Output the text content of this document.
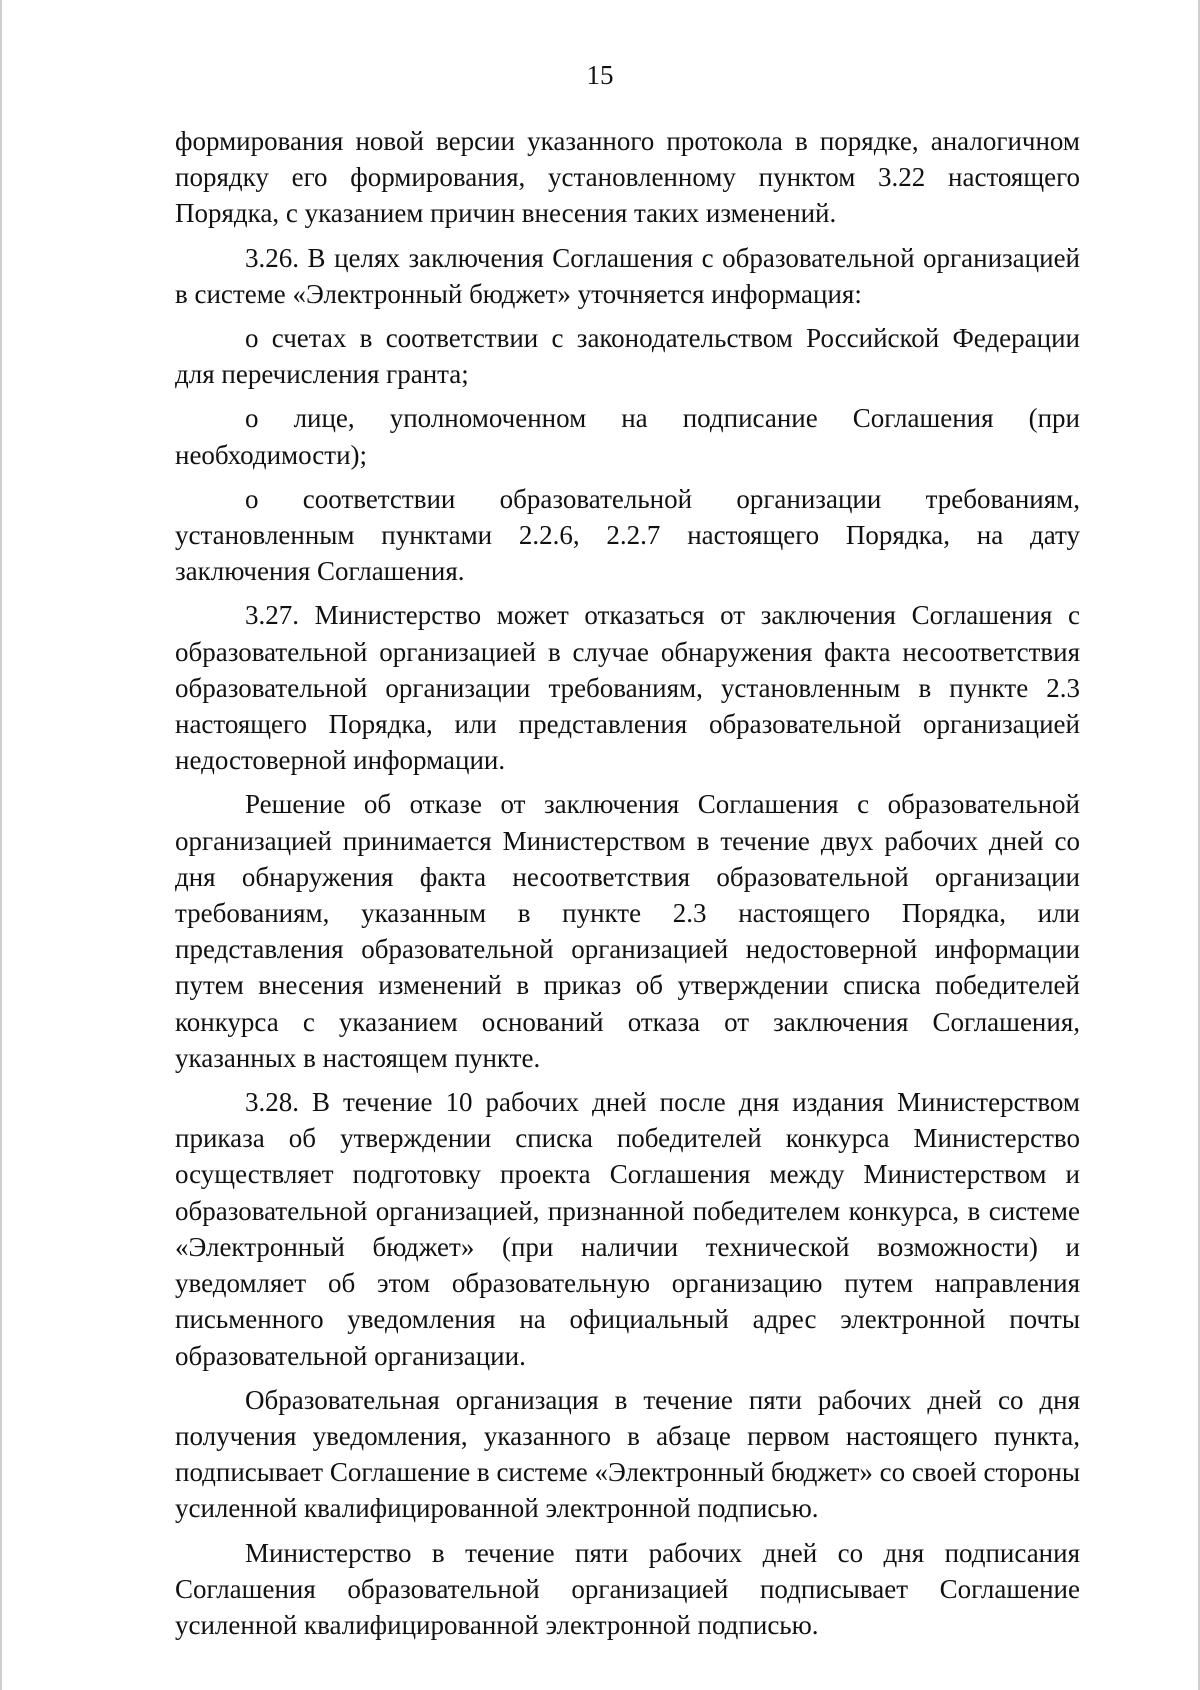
15

формирования новой версии указанного протокола в порядке, аналогичном порядку его формирования, установленному пунктом 3.22 настоящего Порядка, с указанием причин внесения таких изменений.

3.26. В целях заключения Соглашения с образовательной организацией в системе «Электронный бюджет» уточняется информация:

о счетах в соответствии с законодательством Российской Федерации для перечисления гранта;

о лице, уполномоченном на подписание Соглашения (при необходимости);

о соответствии образовательной организации требованиям, установленным пунктами 2.2.6, 2.2.7 настоящего Порядка, на дату заключения Соглашения.

3.27. Министерство может отказаться от заключения Соглашения с образовательной организацией в случае обнаружения факта несоответствия образовательной организации требованиям, установленным в пункте 2.3 настоящего Порядка, или представления образовательной организацией недостоверной информации.

Решение об отказе от заключения Соглашения с образовательной организацией принимается Министерством в течение двух рабочих дней со дня обнаружения факта несоответствия образовательной организации требованиям, указанным в пункте 2.3 настоящего Порядка, или представления образовательной организацией недостоверной информации путем внесения изменений в приказ об утверждении списка победителей конкурса с указанием оснований отказа от заключения Соглашения, указанных в настоящем пункте.

3.28. В течение 10 рабочих дней после дня издания Министерством приказа об утверждении списка победителей конкурса Министерство осуществляет подготовку проекта Соглашения между Министерством и образовательной организацией, признанной победителем конкурса, в системе «Электронный бюджет» (при наличии технической возможности) и уведомляет об этом образовательную организацию путем направления письменного уведомления на официальный адрес электронной почты образовательной организации.

Образовательная организация в течение пяти рабочих дней со дня получения уведомления, указанного в абзаце первом настоящего пункта, подписывает Соглашение в системе «Электронный бюджет» со своей стороны усиленной квалифицированной электронной подписью.

Министерство в течение пяти рабочих дней со дня подписания Соглашения образовательной организацией подписывает Соглашение усиленной квалифицированной электронной подписью.
